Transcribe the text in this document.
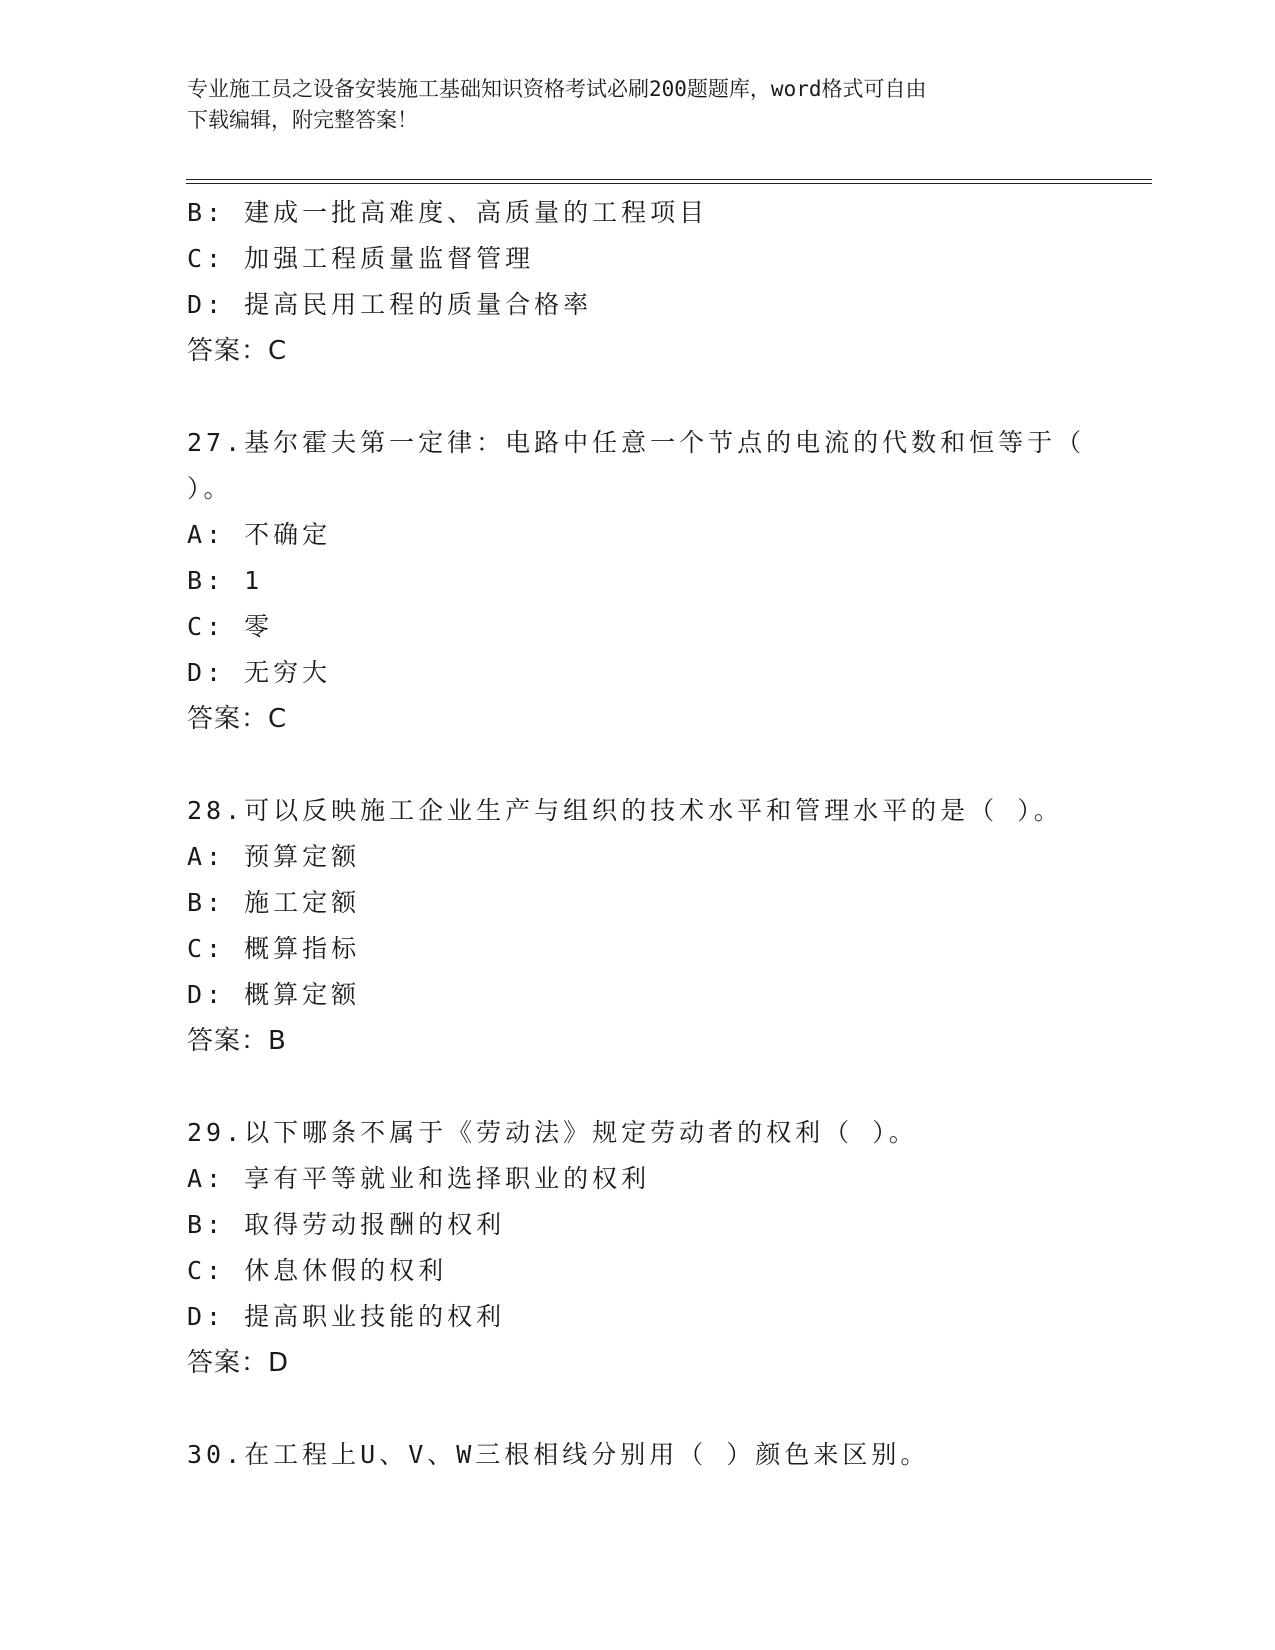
专业施工员之设备安装施工基础知识资格考试必刷200题题库，word格式可自由
下载编辑，附完整答案！
B: 建成一批高难度、高质量的工程项目
C: 加强工程质量监督管理
D: 提高民用工程的质量合格率
答案：C
27.基尔霍夫第一定律：电路中任意一个节点的电流的代数和恒等于（
）。
A: 不确定
B: 1
C: 零
D: 无穷大
答案：C
28.可以反映施工企业生产与组织的技术水平和管理水平的是（ ）。
A: 预算定额
B: 施工定额
C: 概算指标
D: 概算定额
答案：B
29.以下哪条不属于《劳动法》规定劳动者的权利（ ）。
A: 享有平等就业和选择职业的权利
B: 取得劳动报酬的权利
C: 休息休假的权利
D: 提高职业技能的权利
答案：D
30.在工程上U、V、W三根相线分别用（ ）颜色来区别。
